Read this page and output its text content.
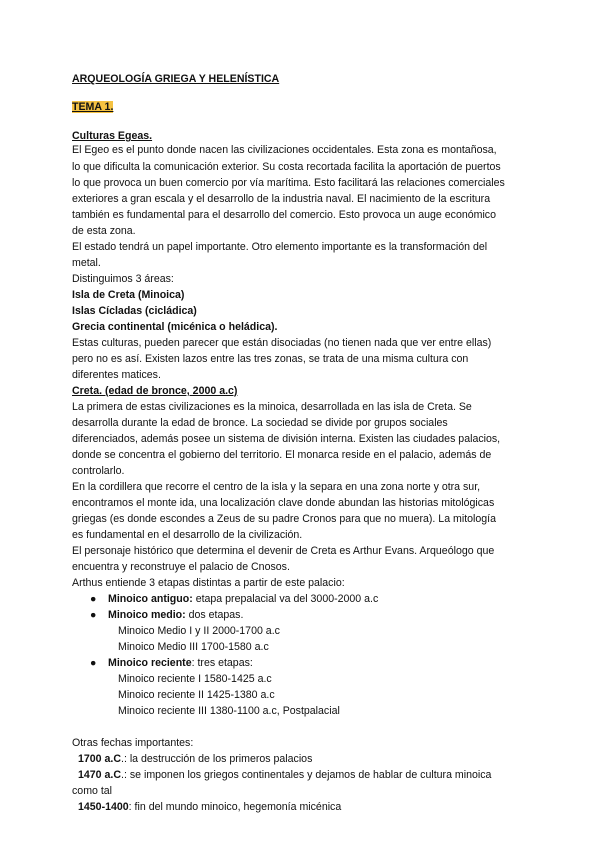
ARQUEOLOGÍA GRIEGA Y HELENÍSTICA
TEMA 1.
Culturas Egeas.
El Egeo es el punto donde nacen las civilizaciones occidentales. Esta zona es montañosa,
lo que dificulta la comunicación exterior. Su costa recortada facilita la aportación de puertos
lo que provoca un buen comercio por vía marítima. Esto facilitará las relaciones comerciales
exteriores a gran escala y el desarrollo de la industria naval. El nacimiento de la escritura
también es fundamental para el desarrollo del comercio. Esto provoca un auge económico
de esta zona.
El estado tendrá un papel importante. Otro elemento importante es la transformación del
metal.
Distinguimos 3 áreas:
Isla de Creta (Minoica)
Islas Cícladas (cicládica)
Grecia continental (micénica o heládica).
Estas culturas, pueden parecer que están disociadas (no tienen nada que ver entre ellas)
pero no es así. Existen lazos entre las tres zonas, se trata de una misma cultura con
diferentes matices.
Creta. (edad de bronce, 2000 a.c)
La primera de estas civilizaciones es la minoica, desarrollada en las isla de Creta. Se
desarrolla durante la edad de bronce. La sociedad se divide por grupos sociales
diferenciados, además posee un sistema de división interna. Existen las ciudades palacios,
donde se concentra el gobierno del territorio. El monarca reside en el palacio, además de
controlarlo.
En la cordillera que recorre el centro de la isla y la separa en una zona norte y otra sur,
encontramos el monte ida, una localización clave donde abundan las historias mitológicas
griegas (es donde escondes a Zeus de su padre Cronos para que no muera). La mitología
es fundamental en el desarrollo de la civilización.
El personaje histórico que determina el devenir de Creta es Arthur Evans. Arqueólogo que
encuentra y reconstruye el palacio de Cnosos.
Arthus entiende 3 etapas distintas a partir de este palacio:
● Minoico antiguo: etapa prepalacial va del 3000-2000 a.c
● Minoico medio: dos etapas.
Minoico Medio I y II 2000-1700 a.c
Minoico Medio III 1700-1580 a.c
● Minoico reciente: tres etapas:
Minoico reciente I 1580-1425 a.c
Minoico reciente II 1425-1380 a.c
Minoico reciente III 1380-1100 a.c, Postpalacial
Otras fechas importantes:
1700 a.C.: la destrucción de los primeros palacios
1470 a.C.: se imponen los griegos continentales y dejamos de hablar de cultura minoica
como tal
1450-1400: fin del mundo minoico, hegemonía micénica
